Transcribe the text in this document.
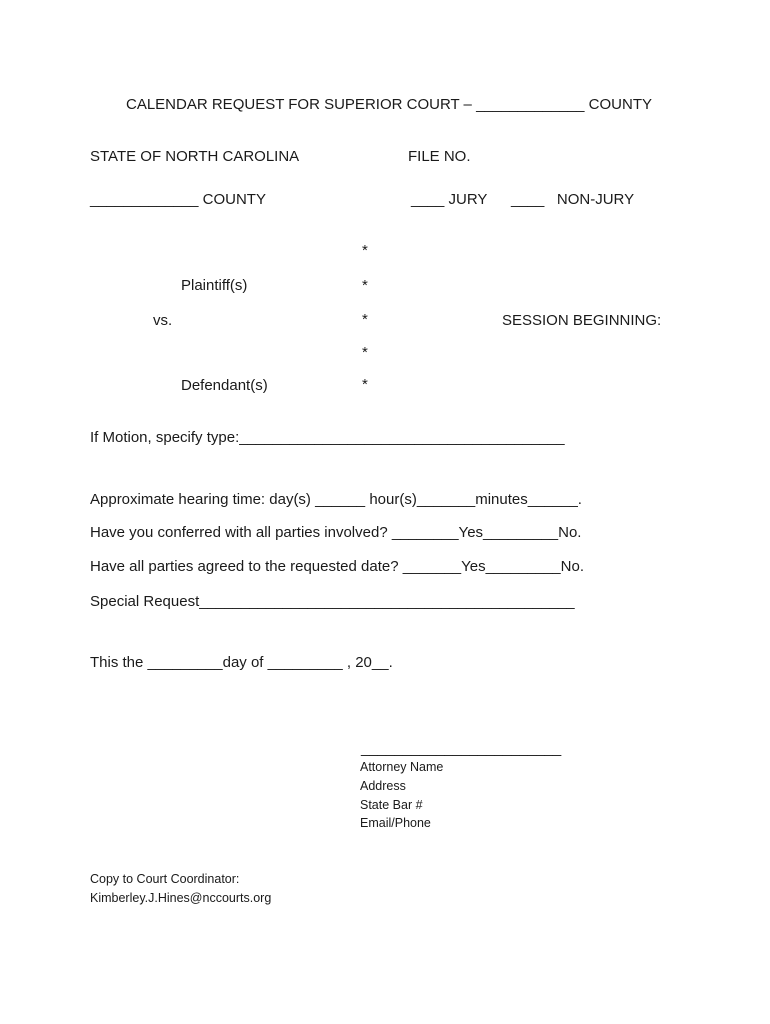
CALENDAR REQUEST FOR SUPERIOR COURT – _____________ COUNTY
STATE OF NORTH CAROLINA	FILE NO.
_____________ COUNTY	____ JURY ____   NON-JURY
*
*
*
*
*
Plaintiff(s)
vs.	SESSION BEGINNING:
Defendant(s)
If Motion, specify type:_______________________________________
Approximate hearing time: day(s) ______ hour(s)_______minutes______.
Have you conferred with all parties involved? ________Yes_________No.
Have all parties agreed to the requested date? _______Yes_________No.
Special Request_____________________________________________
This the _________day of _________ , 20__.
________________________
Attorney Name
Address
State Bar #
Email/Phone
Copy to Court Coordinator:
Kimberley.J.Hines@nccourts.org
